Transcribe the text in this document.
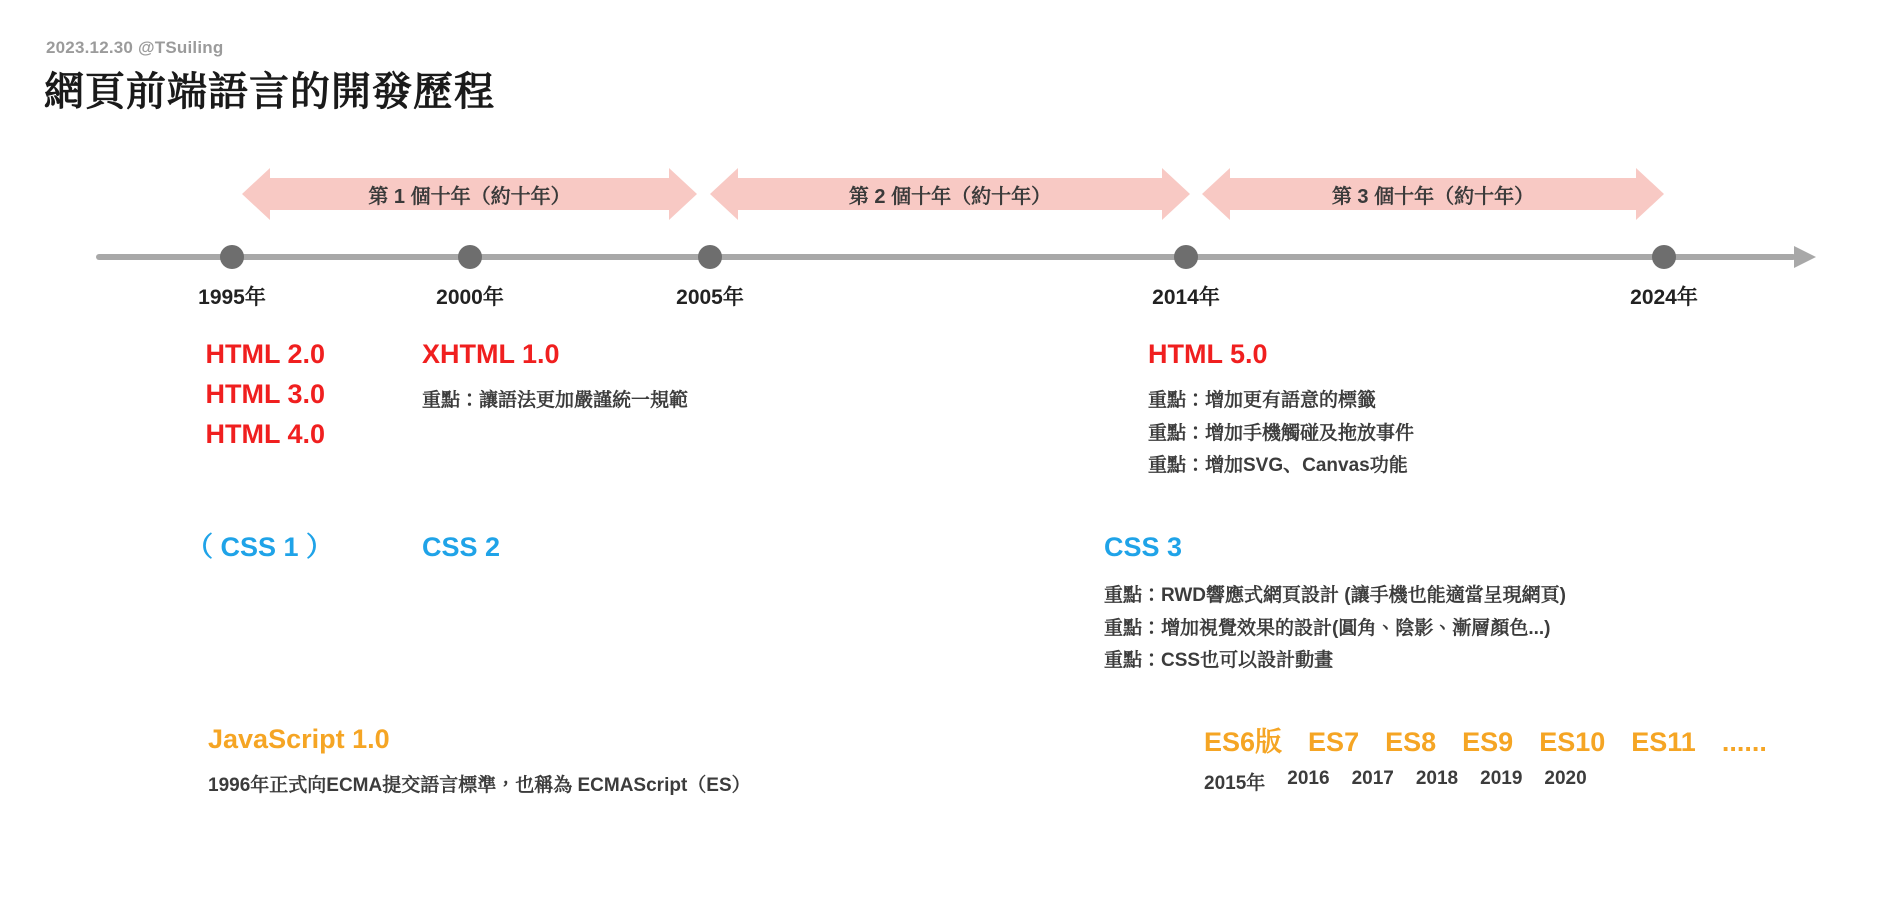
2023.12.30 @TSuiling
網頁前端語言的開發歷程
第 1 個十年（約十年）	第 2 個十年（約十年）	第 3 個十年（約十年）
1995年	2000年	2005年	2014年	2024年
HTML 2.0
HTML 3.0
HTML 4.0
XHTML 1.0
重點：讓語法更加嚴謹統一規範
HTML 5.0
重點：增加更有語意的標籤
重點：增加手機觸碰及拖放事件
重點：增加SVG、Canvas功能
（ CSS 1 ）	CSS 2	CSS 3
重點：RWD響應式網頁設計 (讓手機也能適當呈現網頁)
重點：增加視覺效果的設計(圓角、陰影、漸層顏色...)
重點：CSS也可以設計動畫
JavaScript 1.0
1996年正式向ECMA提交語言標準，也稱為 ECMAScript（ES）
ES6版 ES7 ES8 ES9 ES10 ES11 ......
2015年 2016 2017 2018 2019 2020
